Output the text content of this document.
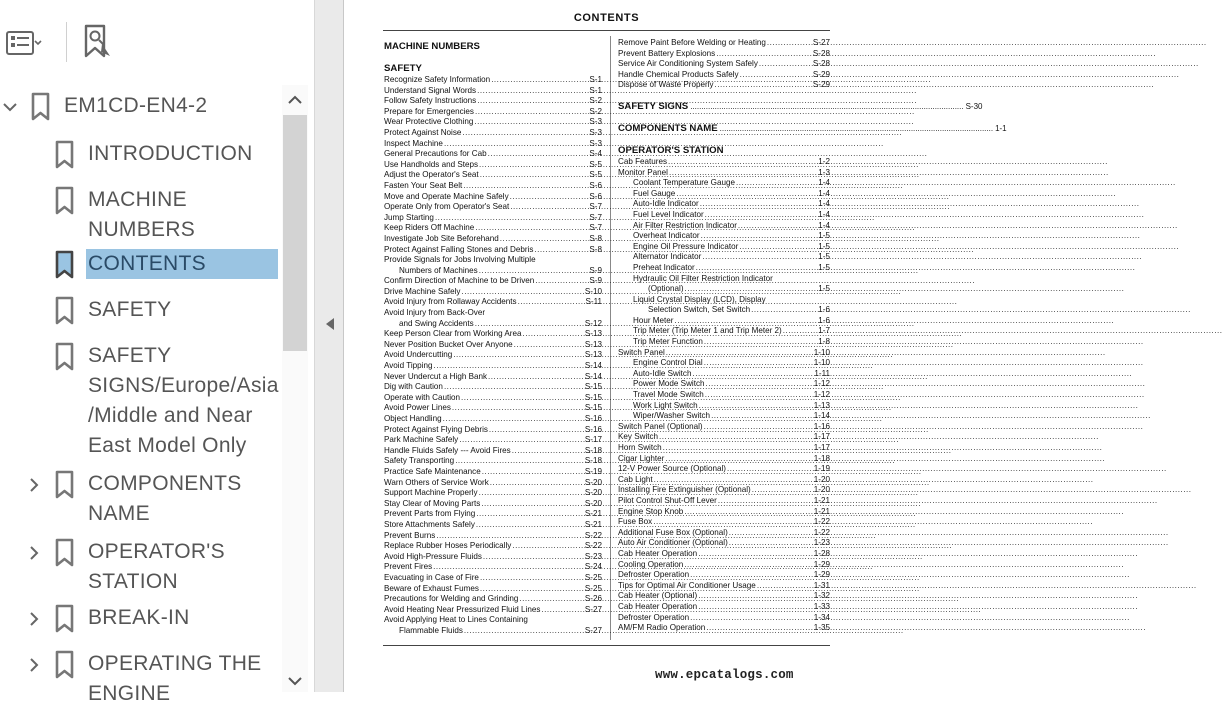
EM1CD-EN4-2
INTRODUCTION
MACHINE
NUMBERS
CONTENTS
SAFETY
SAFETY
SIGNS/Europe/Asia
/Middle and Near
East Model Only
COMPONENTS
NAME
OPERATOR'S
STATION
BREAK-IN
OPERATING THE
ENGINE
CONTENTS
MACHINE NUMBERS
SAFETY
Recognize Safety Information .....	S-1
Understand Signal Words .....	S-1
Follow Safety Instructions .....	S-2
Prepare for Emergencies .....	S-2
Wear Protective Clothing .....	S-3
Protect Against Noise .....	S-3
Inspect Machine .....	S-3
General Precautions for Cab .....	S-4
Use Handholds and Steps .....	S-5
Adjust the Operator's Seat .....	S-5
Fasten Your Seat Belt .....	S-6
Move and Operate Machine Safely .....	S-6
Operate Only from Operator's Seat .....	S-7
Jump Starting .....	S-7
Keep Riders Off Machine .....	S-7
Investigate Job Site Beforehand .....	S-8
Protect Against Falling Stones and Debris .....	S-8
Provide Signals for Jobs Involving Multiple
Numbers of Machines .....	S-9
Confirm Direction of Machine to be Driven .....	S-9
Drive Machine Safely .....	S-10
Avoid Injury from Rollaway Accidents .....	S-11
Avoid Injury from Back-Over
and Swing Accidents .....	S-12
Keep Person Clear from Working Area .....	S-13
Never Position Bucket Over Anyone .....	S-13
Avoid Undercutting .....	S-13
Avoid Tipping .....	S-14
Never Undercut a High Bank .....	S-14
Dig with Caution .....	S-15
Operate with Caution .....	S-15
Avoid Power Lines .....	S-15
Object Handling .....	S-16
Protect Against Flying Debris .....	S-16
Park Machine Safely .....	S-17
Handle Fluids Safely --- Avoid Fires .....	S-18
Safety Transporting .....	S-18
Practice Safe Maintenance .....	S-19
Warn Others of Service Work .....	S-20
Support Machine Properly .....	S-20
Stay Clear of Moving Parts .....	S-20
Prevent Parts from Flying .....	S-21
Store Attachments Safely .....	S-21
Prevent Burns .....	S-22
Replace Rubber Hoses Periodically .....	S-22
Avoid High-Pressure Fluids .....	S-23
Prevent Fires .....	S-24
Evacuating in Case of Fire .....	S-25
Beware of Exhaust Fumes .....	S-25
Precautions for Welding and Grinding .....	S-26
Avoid Heating Near Pressurized Fluid Lines .....	S-27
Avoid Applying Heat to Lines Containing
Flammable Fluids .....	S-27
Remove Paint Before Welding or Heating .....	S-27
Prevent Battery Explosions .....	S-28
Service Air Conditioning System Safely .....	S-28
Handle Chemical Products Safely .....	S-29
Dispose of Waste Properly .....	S-29
SAFETY SIGNS .....	S-30
COMPONENTS NAME .....	1-1
OPERATOR'S STATION
Cab Features .....	1-2
Monitor Panel .....	1-3
Coolant Temperature Gauge .....	1-4
Fuel Gauge .....	1-4
Auto-Idle Indicator .....	1-4
Fuel Level Indicator .....	1-4
Air Filter Restriction Indicator .....	1-4
Overheat Indicator .....	1-5
Engine Oil Pressure Indicator .....	1-5
Alternator Indicator .....	1-5
Preheat Indicator .....	1-5
Hydraulic Oil Filter Restriction Indicator
(Optional) .....	1-5
Liquid Crystal Display (LCD), Display
Selection Switch, Set Switch .....	1-6
Hour Meter .....	1-6
Trip Meter (Trip Meter 1 and Trip Meter 2) .....	1-7
Trip Meter Function .....	1-8
Switch Panel .....	1-10
Engine Control Dial .....	1-10
Auto-Idle Switch .....	1-11
Power Mode Switch .....	1-12
Travel Mode Switch .....	1-12
Work Light Switch .....	1-13
Wiper/Washer Switch .....	1-14
Switch Panel (Optional) .....	1-16
Key Switch .....	1-17
Horn Switch .....	1-17
Cigar Lighter .....	1-18
12-V Power Source (Optional) .....	1-19
Cab Light .....	1-20
Installing Fire Extinguisher (Optional) .....	1-20
Pilot Control Shut-Off Lever .....	1-21
Engine Stop Knob .....	1-21
Fuse Box .....	1-22
Additional Fuse Box (Optional) .....	1-22
Auto Air Conditioner (Optional) .....	1-23
Cab Heater Operation .....	1-28
Cooling Operation .....	1-29
Defroster Operation .....	1-29
Tips for Optimal Air Conditioner Usage .....	1-31
Cab Heater (Optional) .....	1-32
Cab Heater Operation .....	1-33
Defroster Operation .....	1-34
AM/FM Radio Operation .....	1-35
www.epcatalogs.com
